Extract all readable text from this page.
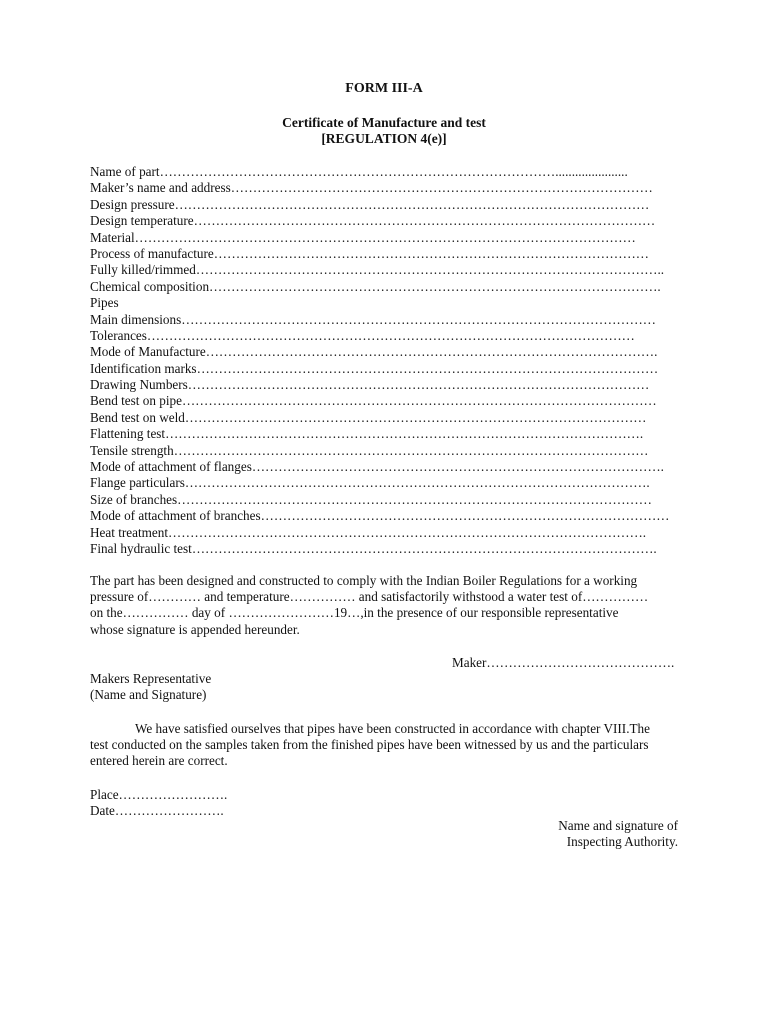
FORM III-A
Certificate of Manufacture and test
[REGULATION 4(e)]
Name of part………………………………………………………………………………......................
Maker’s name and address……………………………………………………………………………………
Design pressure………………………………………………………………………………………………
Design temperature……………………………………………………………………………………………
Material……………………………………………………………………………………………………
Process of manufacture………………………………………………………………………………………
Fully killed/rimmed……………………………………………………………………………………………..
Chemical composition………………………………………………………………………………………….
Pipes
Main dimensions………………………………………………………………………………………………
Tolerances…………………………………………………………………………………………………
Mode of Manufacture………………………………………………………………………………………….
Identification marks……………………………………………………………………………………………
Drawing Numbers……………………………………………………………………………………………
Bend test on pipe………………………………………………………………………………………………
Bend test on weld……………………………………………………………………………………………
Flattening test……………………………………………………………………………………………….
Tensile strength………………………………………………………………………………………………
Mode of attachment of flanges………………………………………………………………………………….
Flange particulars…………………………………………………………………………………………….
Size of branches………………………………………………………………………………………………
Mode of attachment of branches…………………………………………………………………………………
Heat treatment……………………………………………………………………………………………….
Final hydraulic test…………………………………………………………………………………………….
The part has been designed and constructed to comply with the Indian Boiler Regulations for a working
pressure of………… and temperature…………… and satisfactorily withstood a water test of……………
on the…………… day of ……………………19…,in the presence of our responsible representative
whose signature is appended hereunder.
Maker…………………………………….
Makers Representative
(Name and Signature)
We have satisfied ourselves that pipes have been constructed in accordance with chapter VIII.The
test conducted on the samples taken from the finished pipes have been witnessed by us and the particulars
entered herein are correct.
Place…………………….
Date…………………….
Name and signature of
Inspecting Authority.
